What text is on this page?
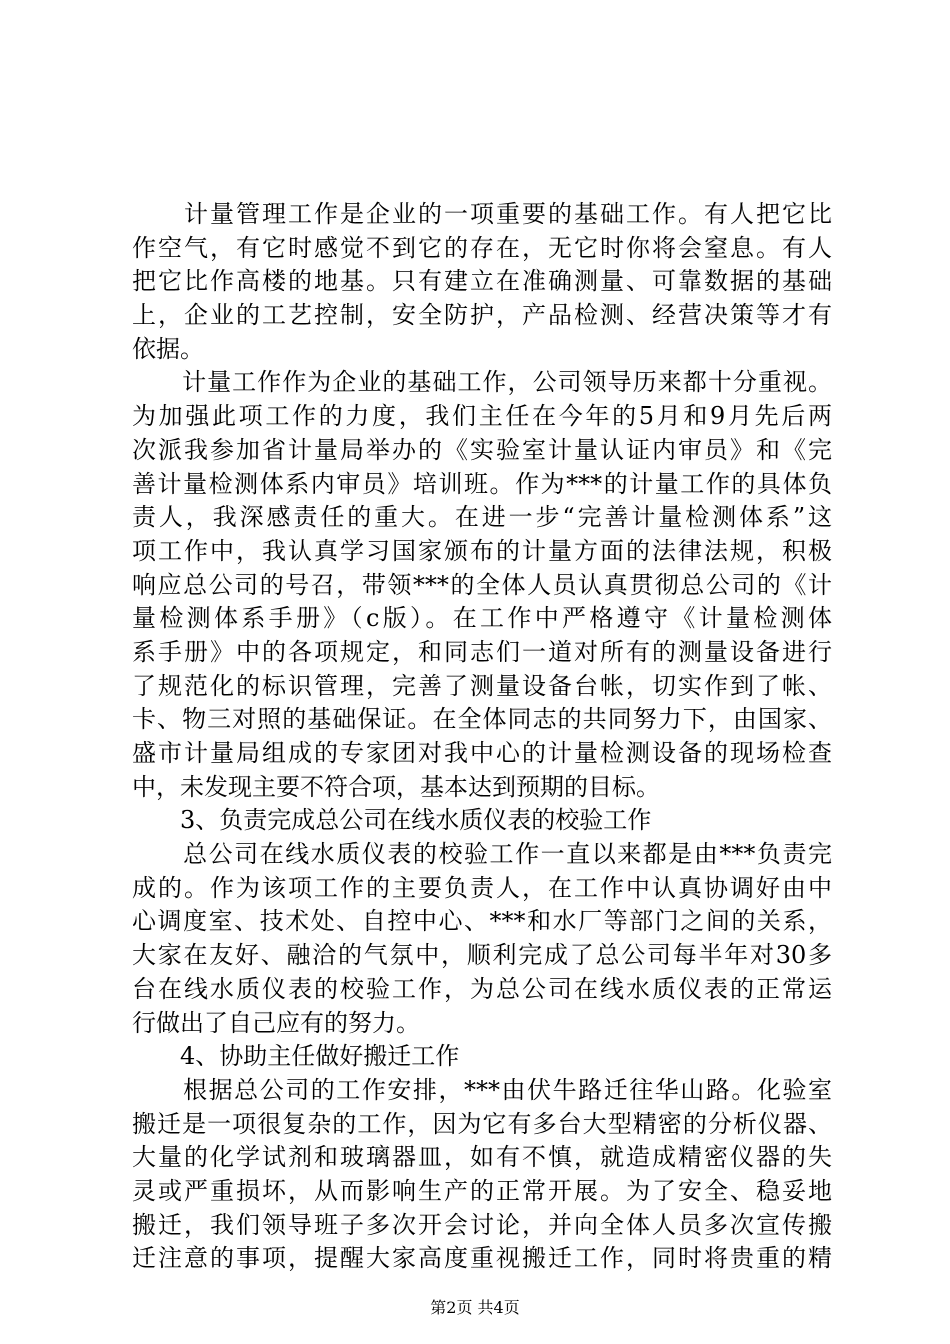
　　计量管理工作是企业的一项重要的基础工作。有人把它比
作空气，有它时感觉不到它的存在，无它时你将会窒息。有人
把它比作高楼的地基。只有建立在准确测量、可靠数据的基础
上，企业的工艺控制，安全防护，产品检测、经营决策等才有
依据。
　　计量工作作为企业的基础工作，公司领导历来都十分重视。
为加强此项工作的力度，我们主任在今年的5月和9月先后两
次派我参加省计量局举办的《实验室计量认证内审员》和《完
善计量检测体系内审员》培训班。作为***的计量工作的具体负
责人，我深感责任的重大。在进一步“完善计量检测体系”这
项工作中，我认真学习国家颁布的计量方面的法律法规，积极
响应总公司的号召，带领***的全体人员认真贯彻总公司的《计
量检测体系手册》（c版）。在工作中严格遵守《计量检测体
系手册》中的各项规定，和同志们一道对所有的测量设备进行
了规范化的标识管理，完善了测量设备台帐，切实作到了帐、
卡、物三对照的基础保证。在全体同志的共同努力下，由国家、
盛市计量局组成的专家团对我中心的计量检测设备的现场检查
中，未发现主要不符合项，基本达到预期的目标。
　　3、负责完成总公司在线水质仪表的校验工作
　　总公司在线水质仪表的校验工作一直以来都是由***负责完
成的。作为该项工作的主要负责人，在工作中认真协调好由中
心调度室、技术处、自控中心、***和水厂等部门之间的关系，
大家在友好、融洽的气氛中，顺利完成了总公司每半年对30多
台在线水质仪表的校验工作，为总公司在线水质仪表的正常运
行做出了自己应有的努力。
　　4、协助主任做好搬迁工作
　　根据总公司的工作安排，***由伏牛路迁往华山路。化验室
搬迁是一项很复杂的工作，因为它有多台大型精密的分析仪器、
大量的化学试剂和玻璃器皿，如有不慎，就造成精密仪器的失
灵或严重损坏，从而影响生产的正常开展。为了安全、稳妥地
搬迁，我们领导班子多次开会讨论，并向全体人员多次宣传搬
迁注意的事项，提醒大家高度重视搬迁工作，同时将贵重的精
第2页 共4页
